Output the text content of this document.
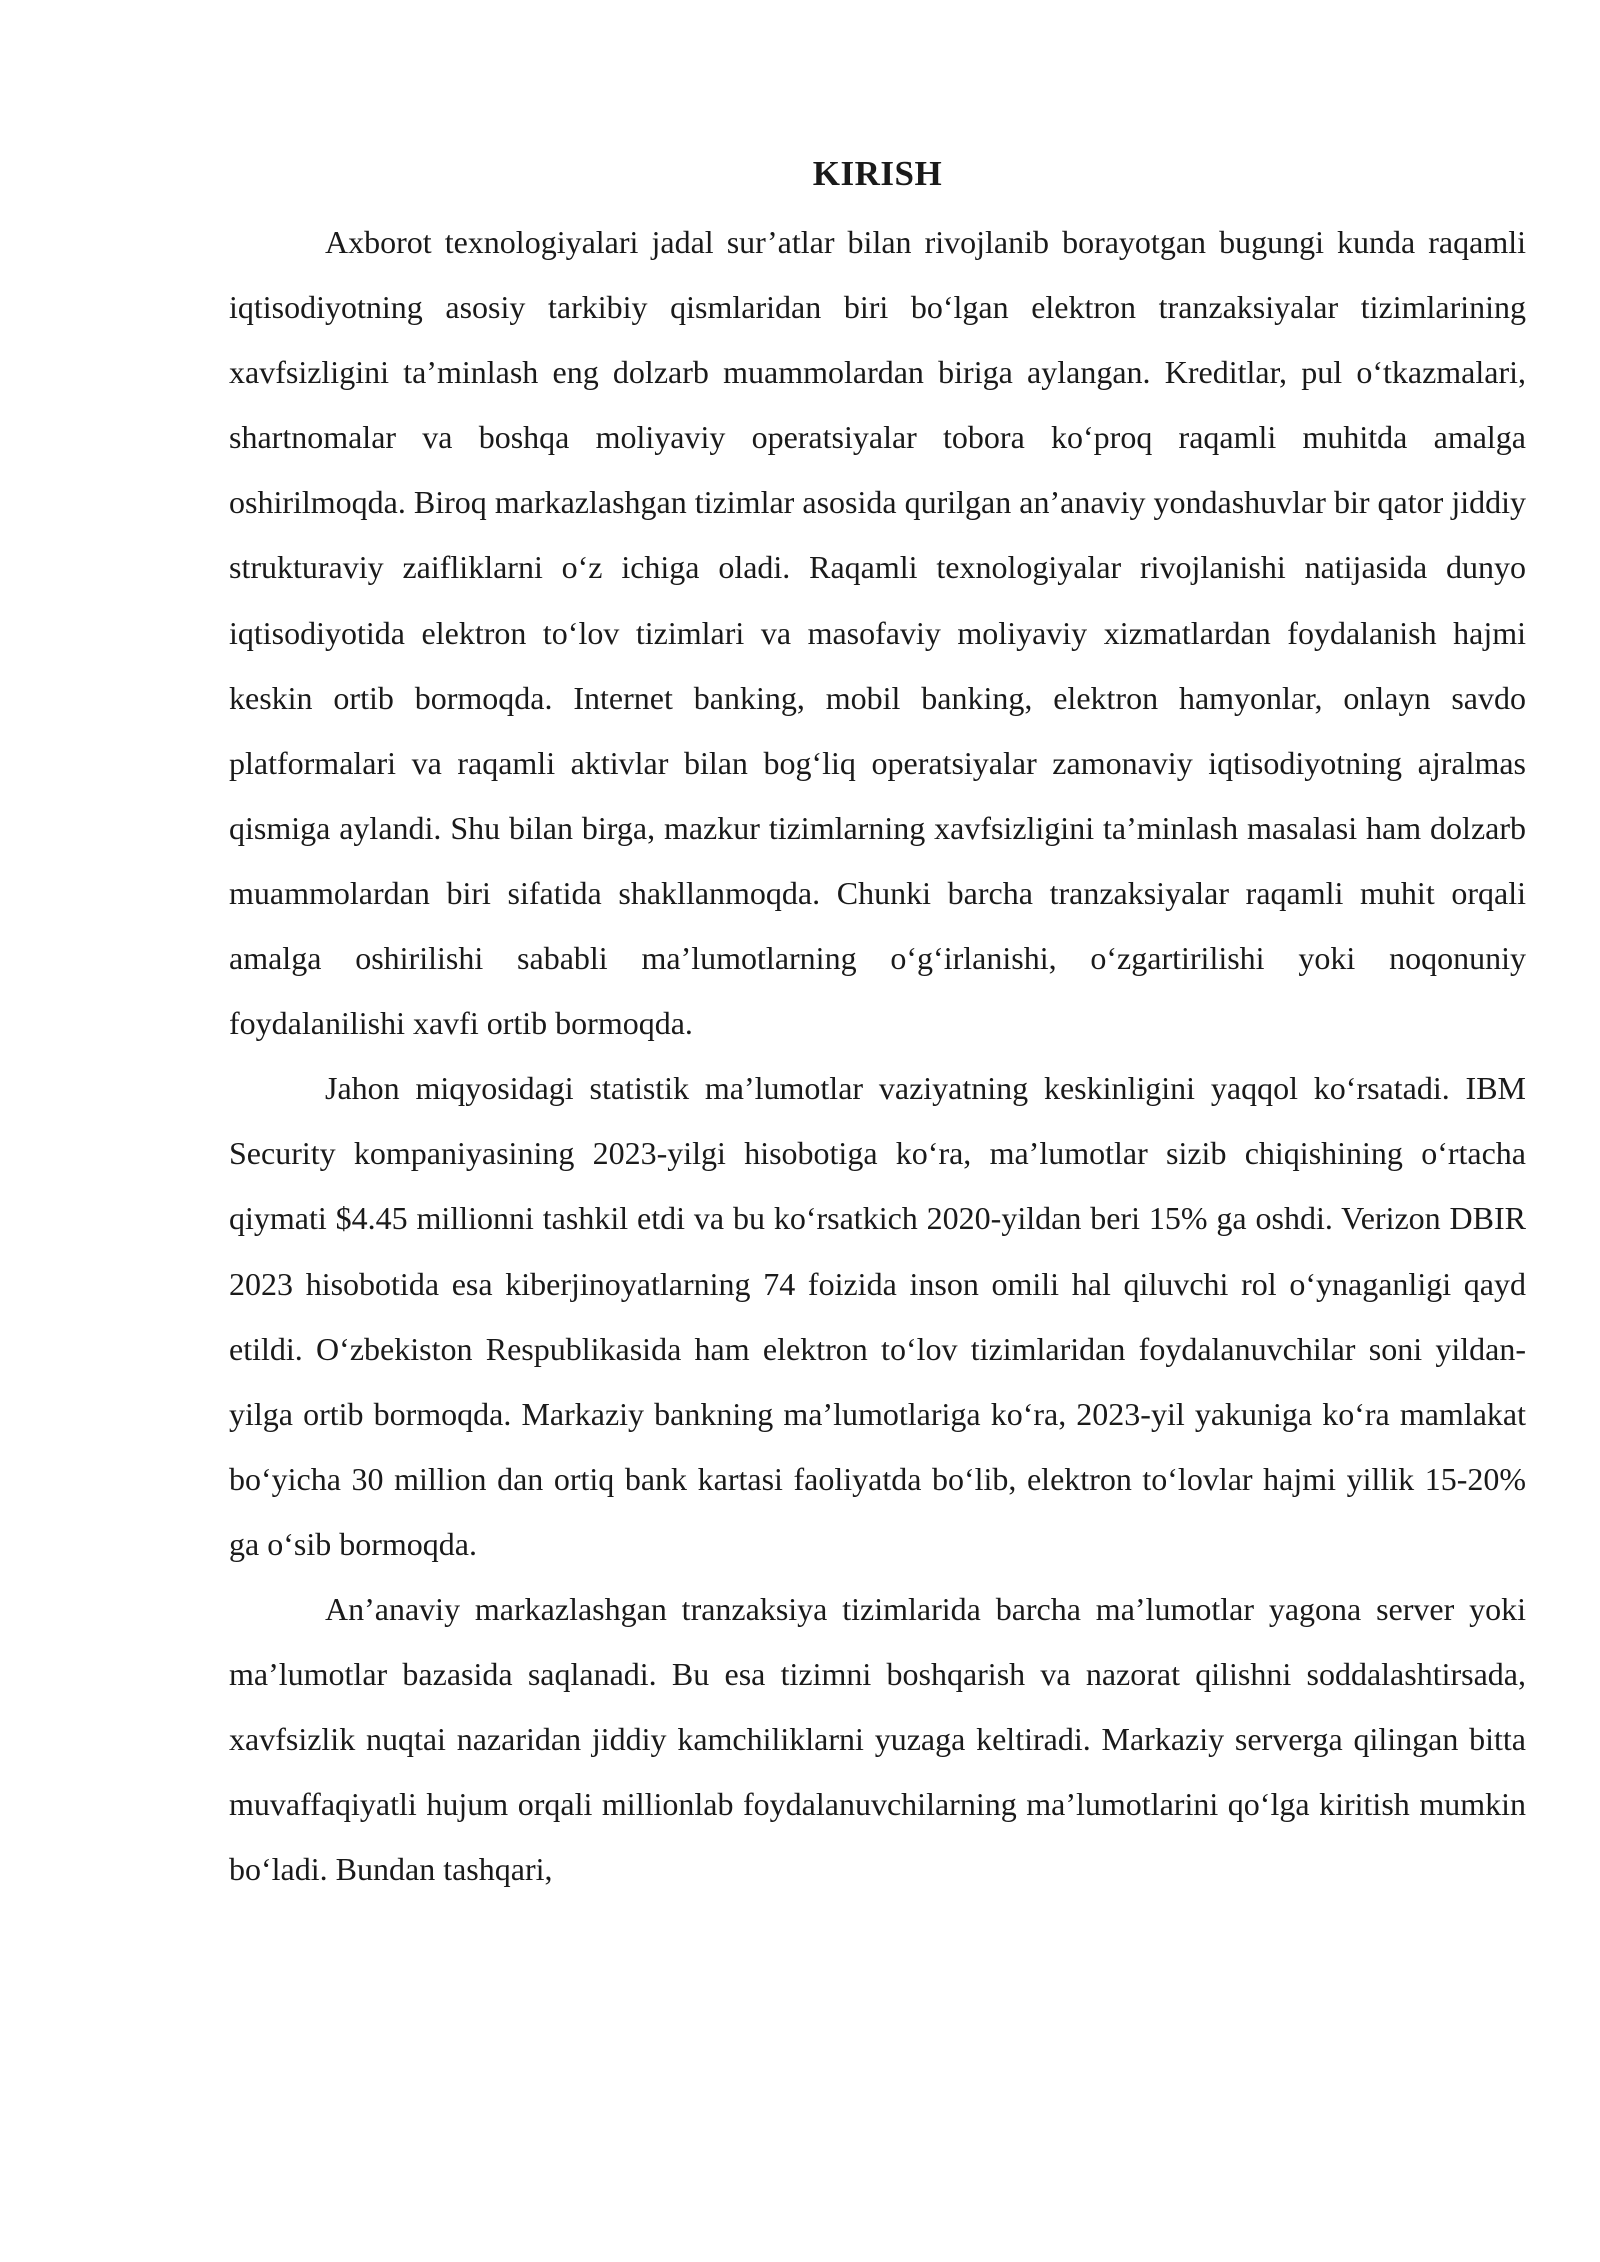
KIRISH

Axborot texnologiyalari jadal sur’atlar bilan rivojlanib borayotgan bugungi kunda raqamli iqtisodiyotning asosiy tarkibiy qismlaridan biri boʻlgan elektron tranzaksiyalar tizimlarining xavfsizligini ta’minlash eng dolzarb muammolardan biriga aylangan. Kreditlar, pul oʻtkazmalari, shartnomalar va boshqa moliyaviy operatsiyalar tobora koʻproq raqamli muhitda amalga oshirilmoqda. Biroq markazlashgan tizimlar asosida qurilgan an’anaviy yondashuvlar bir qator jiddiy strukturaviy zaifliklarni oʻz ichiga oladi. Raqamli texnologiyalar rivojlanishi natijasida dunyo iqtisodiyotida elektron toʻlov tizimlari va masofaviy moliyaviy xizmatlardan foydalanish hajmi keskin ortib bormoqda. Internet banking, mobil banking, elektron hamyonlar, onlayn savdo platformalari va raqamli aktivlar bilan bogʻliq operatsiyalar zamonaviy iqtisodiyotning ajralmas qismiga aylandi. Shu bilan birga, mazkur tizimlarning xavfsizligini ta’minlash masalasi ham dolzarb muammolardan biri sifatida shakllanmoqda. Chunki barcha tranzaksiyalar raqamli muhit orqali amalga oshirilishi sababli ma’lumotlarning oʻgʻirlanishi, oʻzgartirilishi yoki noqonuniy foydalanilishi xavfi ortib bormoqda.

Jahon miqyosidagi statistik ma’lumotlar vaziyatning keskinligini yaqqol koʻrsatadi. IBM Security kompaniyasining 2023-yilgi hisobotiga koʻra, ma’lumotlar sizib chiqishining oʻrtacha qiymati $4.45 millionni tashkil etdi va bu koʻrsatkich 2020-yildan beri 15% ga oshdi. Verizon DBIR 2023 hisobotida esa kiberjinoyatlarning 74 foizida inson omili hal qiluvchi rol oʻynaganligi qayd etildi. Oʻzbekiston Respublikasida ham elektron toʻlov tizimlaridan foydalanuvchilar soni yildan-yilga ortib bormoqda. Markaziy bankning ma’lumotlariga koʻra, 2023-yil yakuniga koʻra mamlakat boʻyicha 30 million dan ortiq bank kartasi faoliyatda boʻlib, elektron toʻlovlar hajmi yillik 15-20% ga oʻsib bormoqda.

An’anaviy markazlashgan tranzaksiya tizimlarida barcha ma’lumotlar yagona server yoki ma’lumotlar bazasida saqlanadi. Bu esa tizimni boshqarish va nazorat qilishni soddalashtirsada, xavfsizlik nuqtai nazaridan jiddiy kamchiliklarni yuzaga keltiradi. Markaziy serverga qilingan bitta muvaffaqiyatli hujum orqali millionlab foydalanuvchilarning ma’lumotlarini qoʻlga kiritish mumkin boʻladi. Bundan tashqari,
